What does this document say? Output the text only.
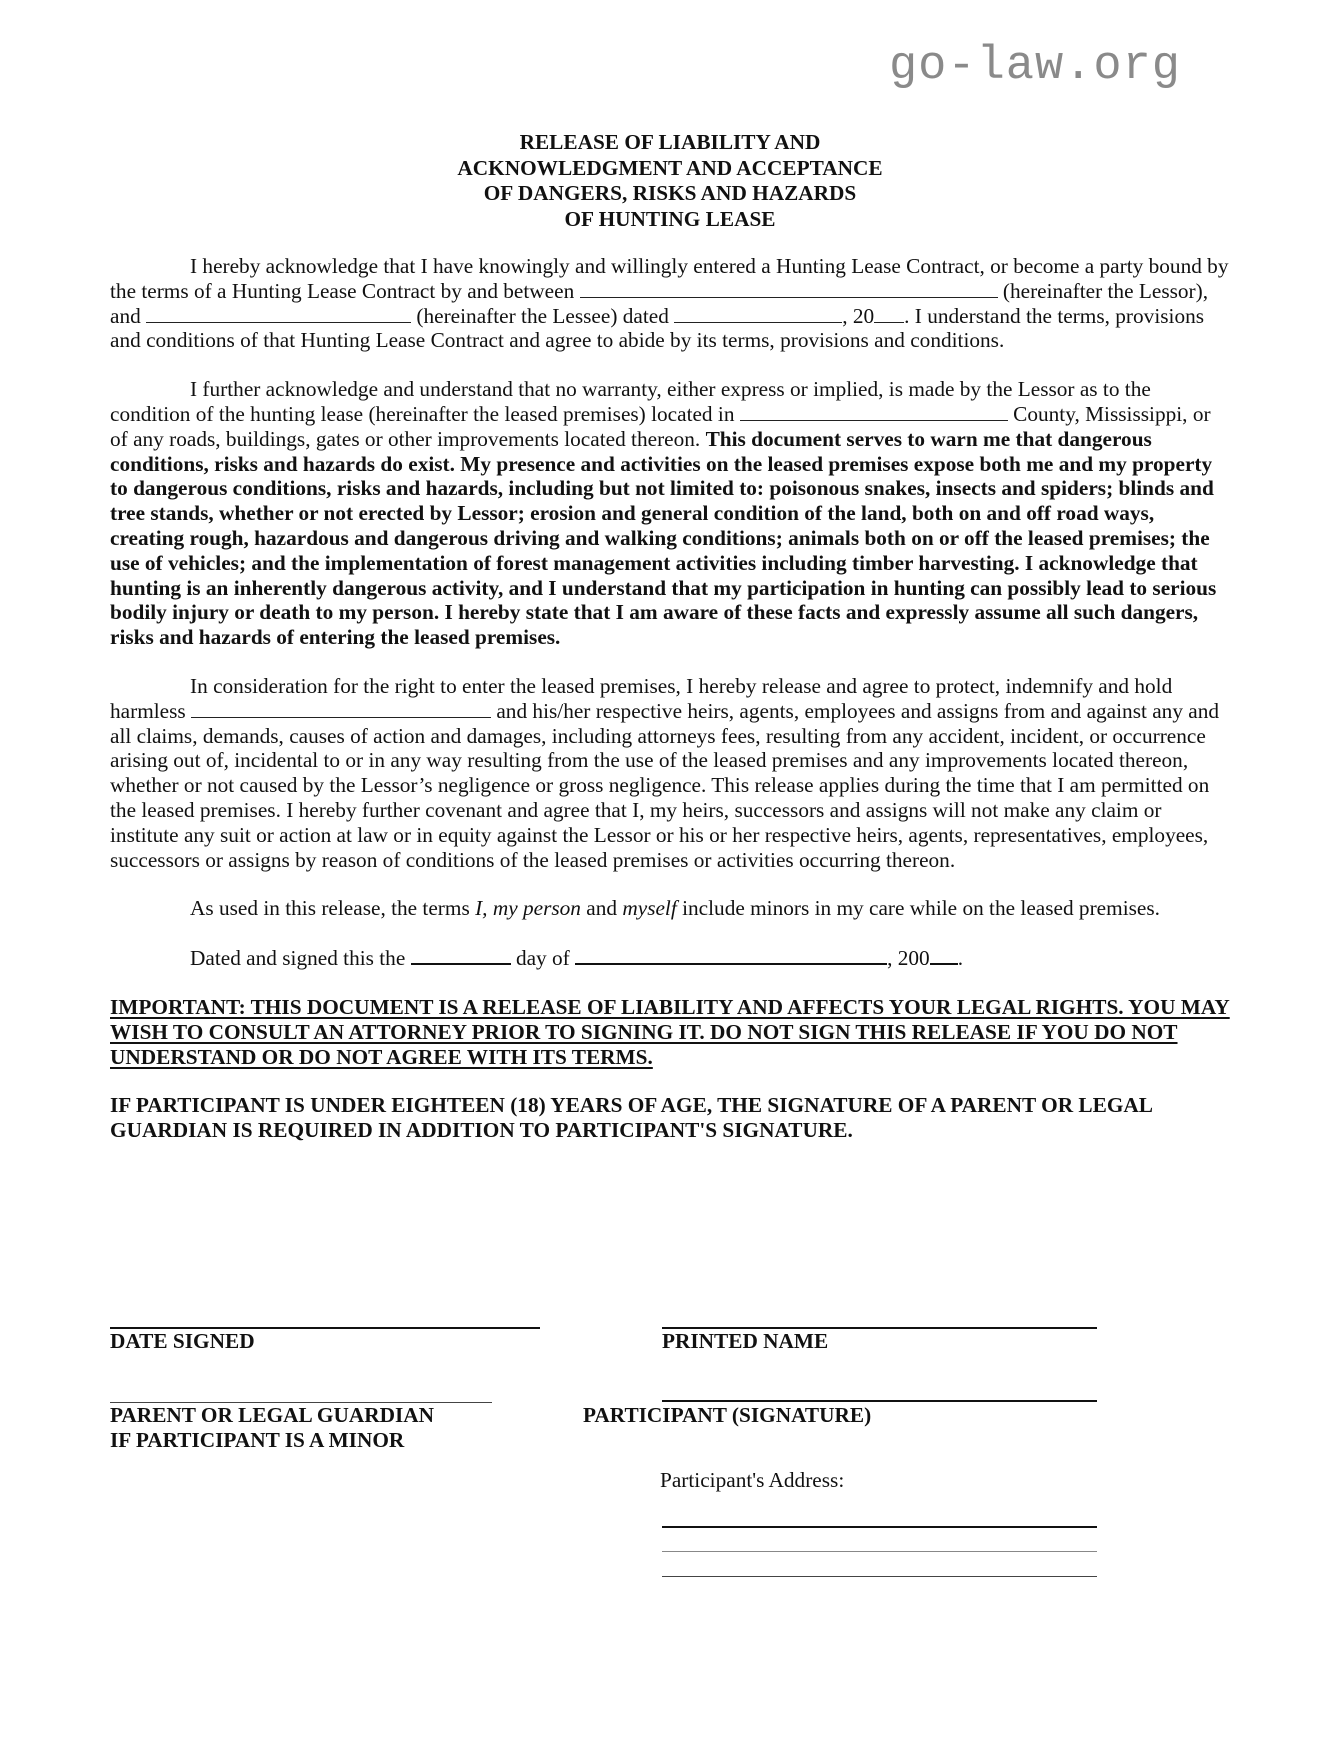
go-law.org
RELEASE OF LIABILITY AND
ACKNOWLEDGMENT AND ACCEPTANCE
OF DANGERS, RISKS AND HAZARDS
OF HUNTING LEASE

I hereby acknowledge that I have knowingly and willingly entered a Hunting Lease Contract, or become a party bound by the terms of a Hunting Lease Contract by and between	(hereinafter the Lessor), and	(hereinafter the Lessee) dated	, 20 . I understand the terms, provisions and conditions of that Hunting Lease Contract and agree to abide by its terms, provisions and conditions.

I further acknowledge and understand that no warranty, either express or implied, is made by the Lessor as to the condition of the hunting lease (hereinafter the leased premises) located in	County, Mississippi, or of any roads, buildings, gates or other improvements located thereon. This document serves to warn me that dangerous conditions, risks and hazards do exist. My presence and activities on the leased premises expose both me and my property to dangerous conditions, risks and hazards, including but not limited to: poisonous snakes, insects and spiders; blinds and tree stands, whether or not erected by Lessor; erosion and general condition of the land, both on and off road ways, creating rough, hazardous and dangerous driving and walking conditions; animals both on or off the leased premises; the use of vehicles; and the implementation of forest management activities including timber harvesting. I acknowledge that hunting is an inherently dangerous activity, and I understand that my participation in hunting can possibly lead to serious bodily injury or death to my person. I hereby state that I am aware of these facts and expressly assume all such dangers, risks and hazards of entering the leased premises.

In consideration for the right to enter the leased premises, I hereby release and agree to protect, indemnify and hold harmless	and his/her respective heirs, agents, employees and assigns from and against any and all claims, demands, causes of action and damages, including attorneys fees, resulting from any accident, incident, or occurrence arising out of, incidental to or in any way resulting from the use of the leased premises and any improvements located thereon, whether or not caused by the Lessor’s negligence or gross negligence. This release applies during the time that I am permitted on the leased premises. I hereby further covenant and agree that I, my heirs, successors and assigns will not make any claim or institute any suit or action at law or in equity against the Lessor or his or her respective heirs, agents, representatives, employees, successors or assigns by reason of conditions of the leased premises or activities occurring thereon.

As used in this release, the terms I, my person and myself include minors in my care while on the leased premises.

Dated and signed this the	day of	, 200 .

IMPORTANT: THIS DOCUMENT IS A RELEASE OF LIABILITY AND AFFECTS YOUR LEGAL RIGHTS. YOU MAY WISH TO CONSULT AN ATTORNEY PRIOR TO SIGNING IT. DO NOT SIGN THIS RELEASE IF YOU DO NOT UNDERSTAND OR DO NOT AGREE WITH ITS TERMS.

IF PARTICIPANT IS UNDER EIGHTEEN (18) YEARS OF AGE, THE SIGNATURE OF A PARENT OR LEGAL GUARDIAN IS REQUIRED IN ADDITION TO PARTICIPANT'S SIGNATURE.

DATE SIGNED	PRINTED NAME
PARENT OR LEGAL GUARDIAN
IF PARTICIPANT IS A MINOR
PARTICIPANT (SIGNATURE)
Participant's Address:
